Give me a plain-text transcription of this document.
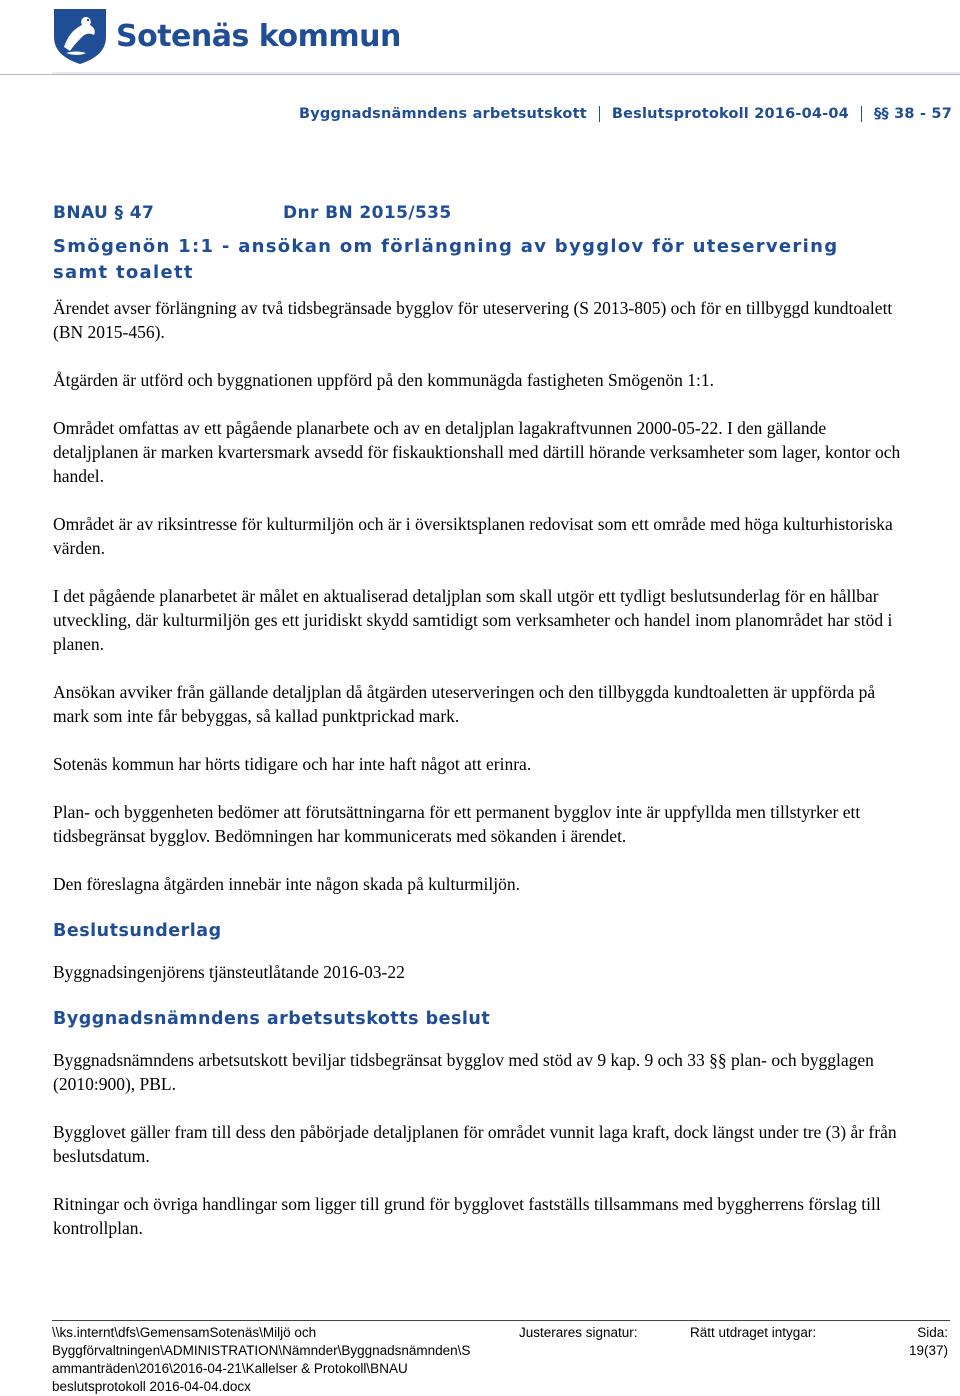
Sotenäs kommun
Byggnadsnämndens arbetsutskott Beslutsprotokoll 2016-04-04 §§ 38 - 57
BNAU § 47	Dnr BN 2015/535
Smögenön 1:1 - ansökan om förlängning av bygglov för uteservering samt toalett

Ärendet avser förlängning av två tidsbegränsade bygglov för uteservering (S 2013-805) och för en tillbyggd kundtoalett (BN 2015-456).

Åtgärden är utförd och byggnationen uppförd på den kommunägda fastigheten Smögenön 1:1.

Området omfattas av ett pågående planarbete och av en detaljplan lagakraftvunnen 2000-05-22. I den gällande detaljplanen är marken kvartersmark avsedd för fiskauktionshall med därtill hörande verksamheter som lager, kontor och handel.

Området är av riksintresse för kulturmiljön och är i översiktsplanen redovisat som ett område med höga kulturhistoriska värden.

I det pågående planarbetet är målet en aktualiserad detaljplan som skall utgör ett tydligt beslutsunderlag för en hållbar utveckling, där kulturmiljön ges ett juridiskt skydd samtidigt som verksamheter och handel inom planområdet har stöd i planen.

Ansökan avviker från gällande detaljplan då åtgärden uteserveringen och den tillbyggda kundtoaletten är uppförda på mark som inte får bebyggas, så kallad punktprickad mark.

Sotenäs kommun har hörts tidigare och har inte haft något att erinra.

Plan- och byggenheten bedömer att förutsättningarna för ett permanent bygglov inte är uppfyllda men tillstyrker ett tidsbegränsat bygglov. Bedömningen har kommunicerats med sökanden i ärendet.

Den föreslagna åtgärden innebär inte någon skada på kulturmiljön.

Beslutsunderlag

Byggnadsingenjörens tjänsteutlåtande 2016-03-22

Byggnadsnämndens arbetsutskotts beslut

Byggnadsnämndens arbetsutskott beviljar tidsbegränsat bygglov med stöd av 9 kap. 9 och 33 §§ plan- och bygglagen (2010:900), PBL.

Bygglovet gäller fram till dess den påbörjade detaljplanen för området vunnit laga kraft, dock längst under tre (3) år från beslutsdatum.

Ritningar och övriga handlingar som ligger till grund för bygglovet fastställs tillsammans med byggherrens förslag till kontrollplan.

\\ks.internt\dfs\GemensamSotenäs\Miljö och
Byggförvaltningen\ADMINISTRATION\Nämnder\Byggnadsnämnden\S
ammanträden\2016\2016-04-21\Kallelser & Protokoll\BNAU
beslutsprotokoll 2016-04-04.docx
Justerares signatur:	Rätt utdraget intygar:	Sida:
19(37)
